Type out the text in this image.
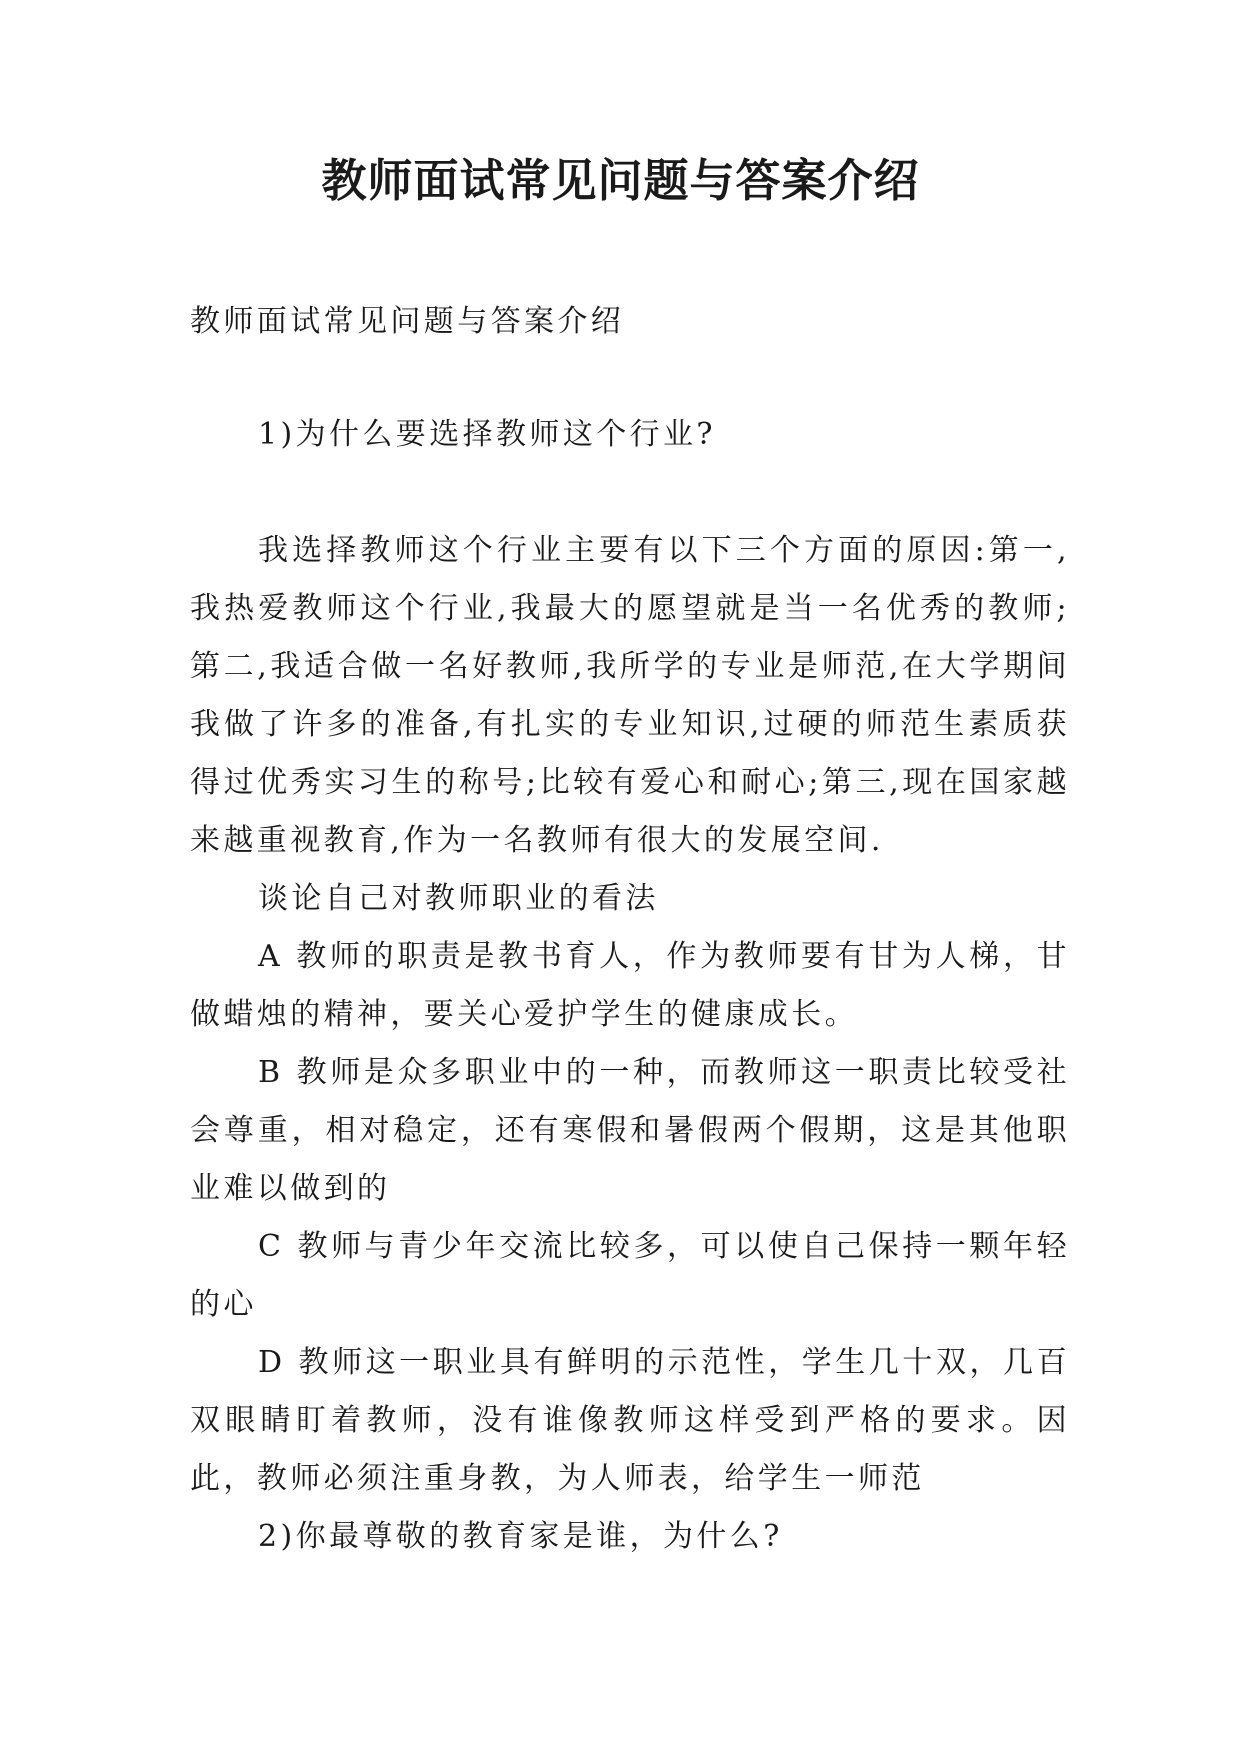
教师面试常见问题与答案介绍
教师面试常见问题与答案介绍

1)为什么要选择教师这个行业?

我选择教师这个行业主要有以下三个方面的原因:第一,我热爱教师这个行业,我最大的愿望就是当一名优秀的教师;第二,我适合做一名好教师,我所学的专业是师范,在大学期间我做了许多的准备,有扎实的专业知识,过硬的师范生素质获得过优秀实习生的称号;比较有爱心和耐心;第三,现在国家越来越重视教育,作为一名教师有很大的发展空间.

谈论自己对教师职业的看法

A 教师的职责是教书育人，作为教师要有甘为人梯，甘做蜡烛的精神，要关心爱护学生的健康成长。

B 教师是众多职业中的一种，而教师这一职责比较受社会尊重，相对稳定，还有寒假和暑假两个假期，这是其他职业难以做到的

C 教师与青少年交流比较多，可以使自己保持一颗年轻的心

D 教师这一职业具有鲜明的示范性，学生几十双，几百双眼睛盯着教师，没有谁像教师这样受到严格的要求。因此，教师必须注重身教，为人师表，给学生一师范

2)你最尊敬的教育家是谁，为什么?
